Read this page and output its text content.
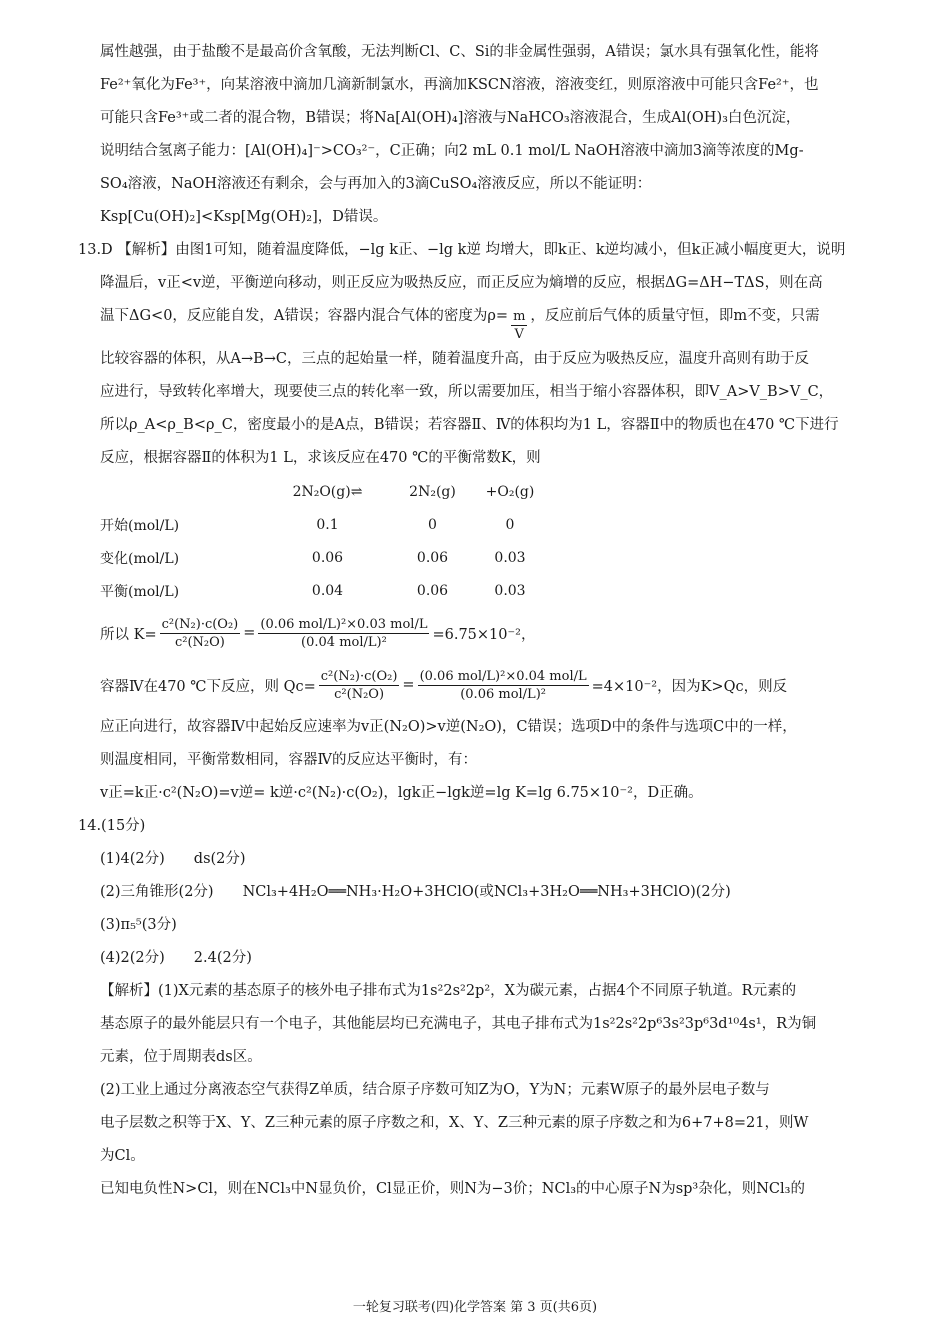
属性越强，由于盐酸不是最高价含氧酸，无法判断Cl、C、Si的非金属性强弱，A错误；氯水具有强氧化性，能将

Fe²⁺氧化为Fe³⁺，向某溶液中滴加几滴新制氯水，再滴加KSCN溶液，溶液变红，则原溶液中可能只含Fe²⁺，也

可能只含Fe³⁺或二者的混合物，B错误；将Na[Al(OH)₄]溶液与NaHCO₃溶液混合，生成Al(OH)₃白色沉淀，

说明结合氢离子能力：[Al(OH)₄]⁻>CO₃²⁻，C正确；向2 mL 0.1 mol/L NaOH溶液中滴加3滴等浓度的Mg-

SO₄溶液，NaOH溶液还有剩余，会与再加入的3滴CuSO₄溶液反应，所以不能证明：

Ksp[Cu(OH)₂]<Ksp[Mg(OH)₂]，D错误。

13.D 【解析】由图1可知，随着温度降低，−lg k正、−lg k逆 均增大，即k正、k逆均减小，但k正减小幅度更大，说明

降温后，v正<v逆，平衡逆向移动，则正反应为吸热反应，而正反应为熵增的反应，根据ΔG=ΔH−TΔS，则在高

温下ΔG<0，反应能自发，A错误；容器内混合气体的密度为$\rho= \frac{m}{V}$ ，反应前后气体的质量守恒，即m不变，只需

比较容器的体积，从A→B→C，三点的起始量一样，随着温度升高，由于反应为吸热反应，温度升高则有助于反

应进行，导致转化率增大，现要使三点的转化率一致，所以需要加压，相当于缩小容器体积，即V_A>V_B>V_C，

所以ρ_A<ρ_B<ρ_C，密度最小的是A点，B错误；若容器Ⅱ、Ⅳ的体积均为1 L，容器Ⅱ中的物质也在470 ℃下进行

反应，根据容器Ⅱ的体积为1 L，求该反应在470 ℃的平衡常数K，则

	2N₂O(g)⇌	2N₂(g)	+O₂(g)
开始(mol/L)	0.1	0	0
变化(mol/L)	0.06	0.06	0.03
平衡(mol/L)	0.04	0.06	0.03
所以 $K= \frac{\text{c²(N₂)·c(O₂)}}{\text{c²(N₂O)}} = \frac{\text{(0.06 mol/L)²×0.03 mol/L}}{\text{(0.04 mol/L)²}} =6.75\times 10^{-2}$，
容器Ⅳ在470 ℃下反应，则 $Qc= \frac{\text{c²(N₂)·c(O₂)}}{\text{c²(N₂O)}} = \frac{\text{(0.06 mol/L)²×0.04 mol/L}}{\text{(0.06 mol/L)²}} =4\times 10^{-2}$，因为K>Qc，则反

应正向进行，故容器Ⅳ中起始反应速率为v正(N₂O)>v逆(N₂O)，C错误；选项D中的条件与选项C中的一样，

则温度相同，平衡常数相同，容器Ⅳ的反应达平衡时，有：

v正=k正·c²(N₂O)=v逆= k逆·c²(N₂)·c(O₂)，lgk正−lgk逆=lg K=lg 6.75×10⁻²，D正确。

14.(15分)

(1)4(2分)　　ds(2分)

(2)三角锥形(2分)　　NCl₃+4H₂O══NH₃·H₂O+3HClO(或NCl₃+3H₂O══NH₃+3HClO)(2分)

(3)π₅⁵(3分)

(4)2(2分)　　2.4(2分)

【解析】(1)X元素的基态原子的核外电子排布式为1s²2s²2p²，X为碳元素，占据4个不同原子轨道。R元素的

基态原子的最外能层只有一个电子，其他能层均已充满电子，其电子排布式为1s²2s²2p⁶3s²3p⁶3d¹⁰4s¹，R为铜

元素，位于周期表ds区。

(2)工业上通过分离液态空气获得Z单质，结合原子序数可知Z为O，Y为N；元素W原子的最外层电子数与

电子层数之积等于X、Y、Z三种元素的原子序数之和，X、Y、Z三种元素的原子序数之和为6+7+8=21，则W

为Cl。

已知电负性N>Cl，则在NCl₃中N显负价，Cl显正价，则N为−3价；NCl₃的中心原子N为sp³杂化，则NCl₃的

一轮复习联考(四)化学答案 第 3 页(共6页)
